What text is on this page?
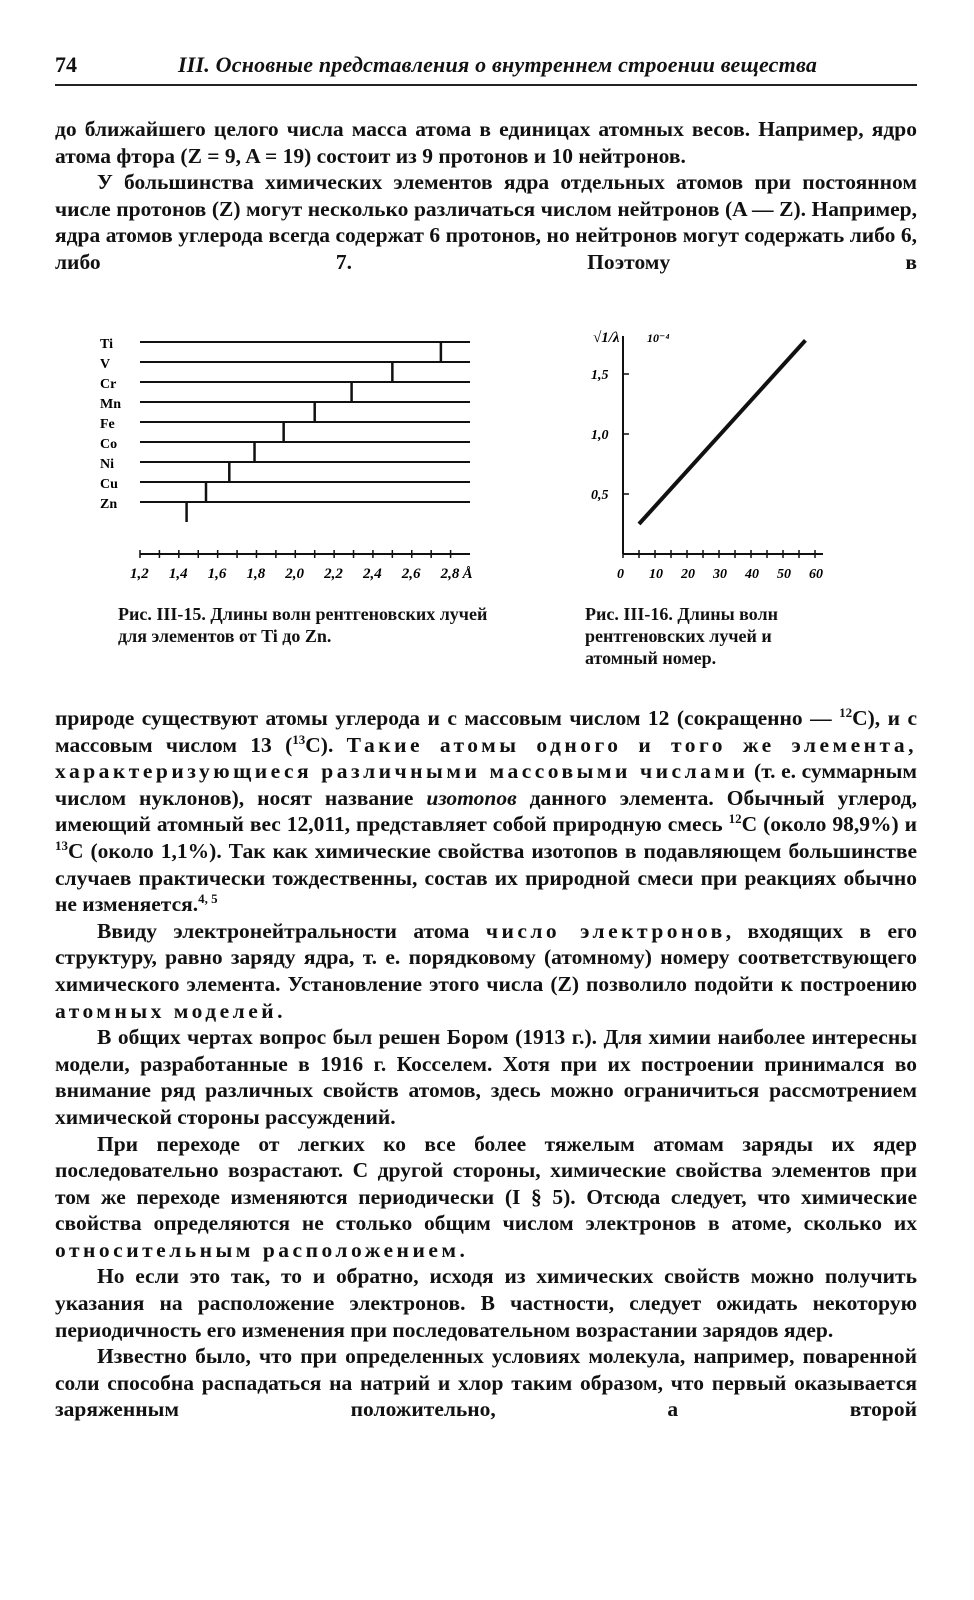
74	III. Основные представления о внутреннем строении вещества

до ближайшего целого числа масса атома в единицах атомных весов. Например, ядро атома фтора (Z = 9, A = 19) состоит из 9 протонов и 10 нейтронов.

У большинства химических элементов ядра отдельных атомов при постоянном числе протонов (Z) могут несколько различаться числом нейтронов (A — Z). Например, ядра атомов углерода всегда содержат 6 протонов, но нейтронов могут содержать либо 6, либо 7. Поэтому в

Ti
V
Cr
Mn
Fe
Co
Ni
Cu
Zn
1,2 1,4 1,6 1,8 2,0 2,2 2,4 2,6 2,8 Å
√1/λ 10⁻⁴
0,5
1,0
1,5
0 10 20 30 40 50 60
Рис. III-15. Длины волн рентгеновских лучей для элементов от Ti до Zn.
Рис. III-16. Длины волн рентгеновских лучей и атомный номер.

природе существуют атомы углерода и с массовым числом 12 (сокращенно — $^{12}$C), и с массовым числом 13 ($^{13}$C). Такие атомы одного и того же элемента, характеризующиеся различными массовыми числами (т. е. суммарным числом нуклонов), носят название изотопов данного элемента. Обычный углерод, имеющий атомный вес 12,011, представляет собой природную смесь $^{12}$C (около 98,9%) и $^{13}$C (около 1,1%). Так как химические свойства изотопов в подавляющем большинстве случаев практически тождественны, состав их природной смеси при реакциях обычно не изменяется.$^{4, 5}$

Ввиду электронейтральности атома число электронов, входящих в его структуру, равно заряду ядра, т. е. порядковому (атомному) номеру соответствующего химического элемента. Установление этого числа (Z) позволило подойти к построению атомных моделей.

В общих чертах вопрос был решен Бором (1913 г.). Для химии наиболее интересны модели, разработанные в 1916 г. Косселем. Хотя при их построении принимался во внимание ряд различных свойств атомов, здесь можно ограничиться рассмотрением химической стороны рассуждений.

При переходе от легких ко все более тяжелым атомам заряды их ядер последовательно возрастают. С другой стороны, химические свойства элементов при том же переходе изменяются периодически (I § 5). Отсюда следует, что химические свойства определяются не столько общим числом электронов в атоме, сколько их относительным расположением.

Но если это так, то и обратно, исходя из химических свойств можно получить указания на расположение электронов. В частности, следует ожидать некоторую периодичность его изменения при последовательном возрастании зарядов ядер.

Известно было, что при определенных условиях молекула, например, поваренной соли способна распадаться на натрий и хлор таким образом, что первый оказывается заряженным положительно, а второй
